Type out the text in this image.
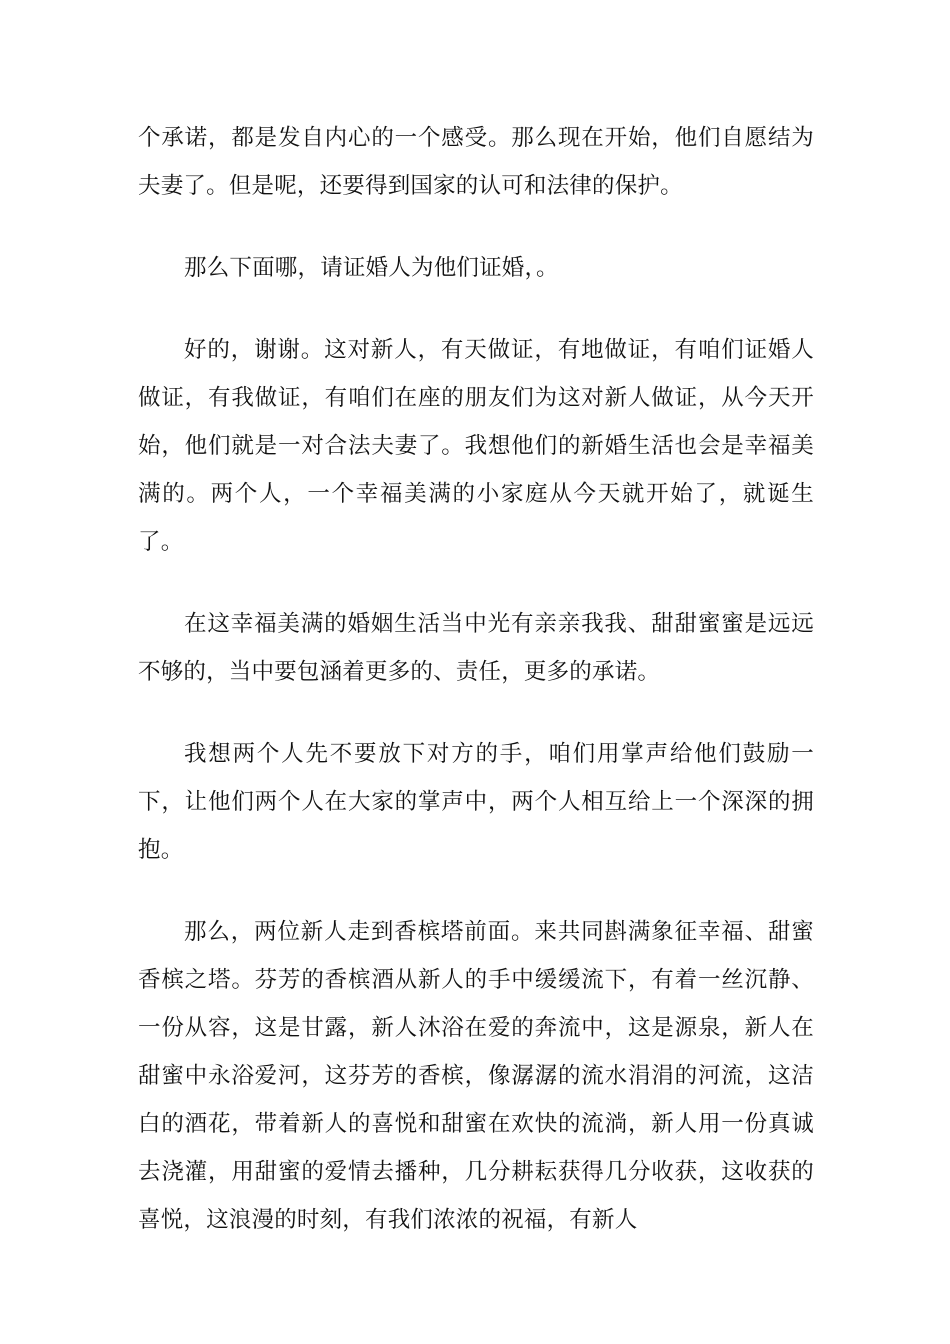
个承诺，都是发自内心的一个感受。那么现在开始，他们自愿结为夫妻了。但是呢，还要得到国家的认可和法律的保护。

那么下面哪，请证婚人为他们证婚，。

好的，谢谢。这对新人，有天做证，有地做证，有咱们证婚人做证，有我做证，有咱们在座的朋友们为这对新人做证，从今天开始，他们就是一对合法夫妻了。我想他们的新婚生活也会是幸福美满的。两个人，一个幸福美满的小家庭从今天就开始了，就诞生了。

在这幸福美满的婚姻生活当中光有亲亲我我、甜甜蜜蜜是远远不够的，当中要包涵着更多的、责任，更多的承诺。

我想两个人先不要放下对方的手，咱们用掌声给他们鼓励一下，让他们两个人在大家的掌声中，两个人相互给上一个深深的拥抱。

那么，两位新人走到香槟塔前面。来共同斟满象征幸福、甜蜜香槟之塔。芬芳的香槟酒从新人的手中缓缓流下，有着一丝沉静、一份从容，这是甘露，新人沐浴在爱的奔流中，这是源泉，新人在甜蜜中永浴爱河，这芬芳的香槟，像潺潺的流水涓涓的河流，这洁白的酒花，带着新人的喜悦和甜蜜在欢快的流淌，新人用一份真诚去浇灌，用甜蜜的爱情去播种，几分耕耘获得几分收获，这收获的喜悦，这浪漫的时刻，有我们浓浓的祝福，有新人
